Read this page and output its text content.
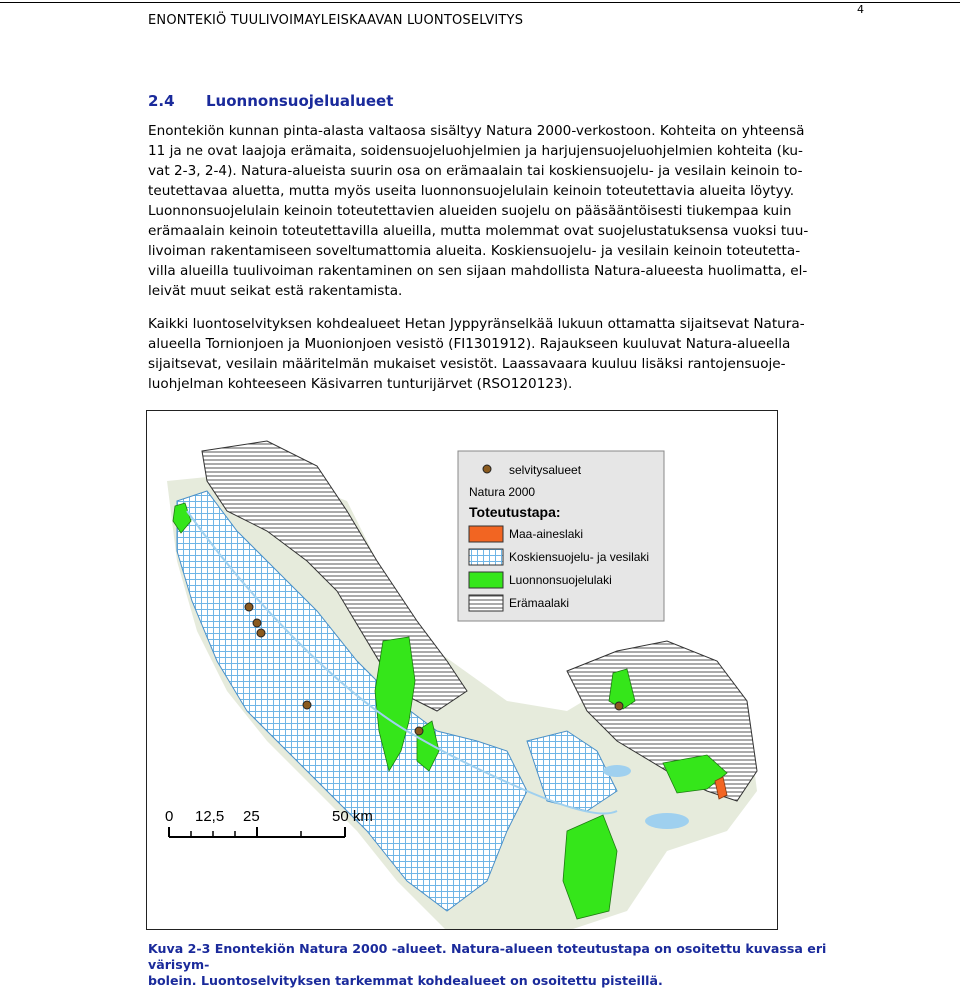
ENONTEKIÖ TUULIVOIMAYLEISKAAVAN LUONTOSELVITYS
4
2.4 Luonnonsuojelualueet

Enontekiön kunnan pinta-alasta valtaosa sisältyy Natura 2000-verkostoon. Kohteita on yhteensä

11 ja ne ovat laajoja erämaita, soidensuojeluohjelmien ja harjujensuojeluohjelmien kohteita (ku-

vat 2-3, 2-4). Natura-alueista suurin osa on erämaalain tai koskiensuojelu- ja vesilain keinoin to-

teutettavaa aluetta, mutta myös useita luonnonsuojelulain keinoin toteutettavia alueita löytyy.

Luonnonsuojelulain keinoin toteutettavien alueiden suojelu on pääsääntöisesti tiukempaa kuin

erämaalain keinoin toteutettavilla alueilla, mutta molemmat ovat suojelustatuksensa vuoksi tuu-

livoiman rakentamiseen soveltumattomia alueita. Koskiensuojelu- ja vesilain keinoin toteutetta-

villa alueilla tuulivoiman rakentaminen on sen sijaan mahdollista Natura-alueesta huolimatta, el-

leivät muut seikat estä rakentamista.

Kaikki luontoselvityksen kohdealueet Hetan Jyppyränselkää lukuun ottamatta sijaitsevat Natura-

alueella Tornionjoen ja Muonionjoen vesistö (FI1301912). Rajaukseen kuuluvat Natura-alueella

sijaitsevat, vesilain määritelmän mukaiset vesistöt. Laassavaara kuuluu lisäksi rantojensuoje-

luohjelman kohteeseen Käsivarren tunturijärvet (RSO120123).

selvitysalueet
Natura 2000
Toteutustapa:
Maa-aineslaki
Koskiensuojelu- ja vesilaki
Luonnonsuojelulaki
Erämaalaki
0 12,5 25	50 km
Kuva 2-3 Enontekiön Natura 2000 -alueet. Natura-alueen toteutustapa on osoitettu kuvassa eri värisym-
bolein. Luontoselvityksen tarkemmat kohdealueet on osoitettu pisteillä.
